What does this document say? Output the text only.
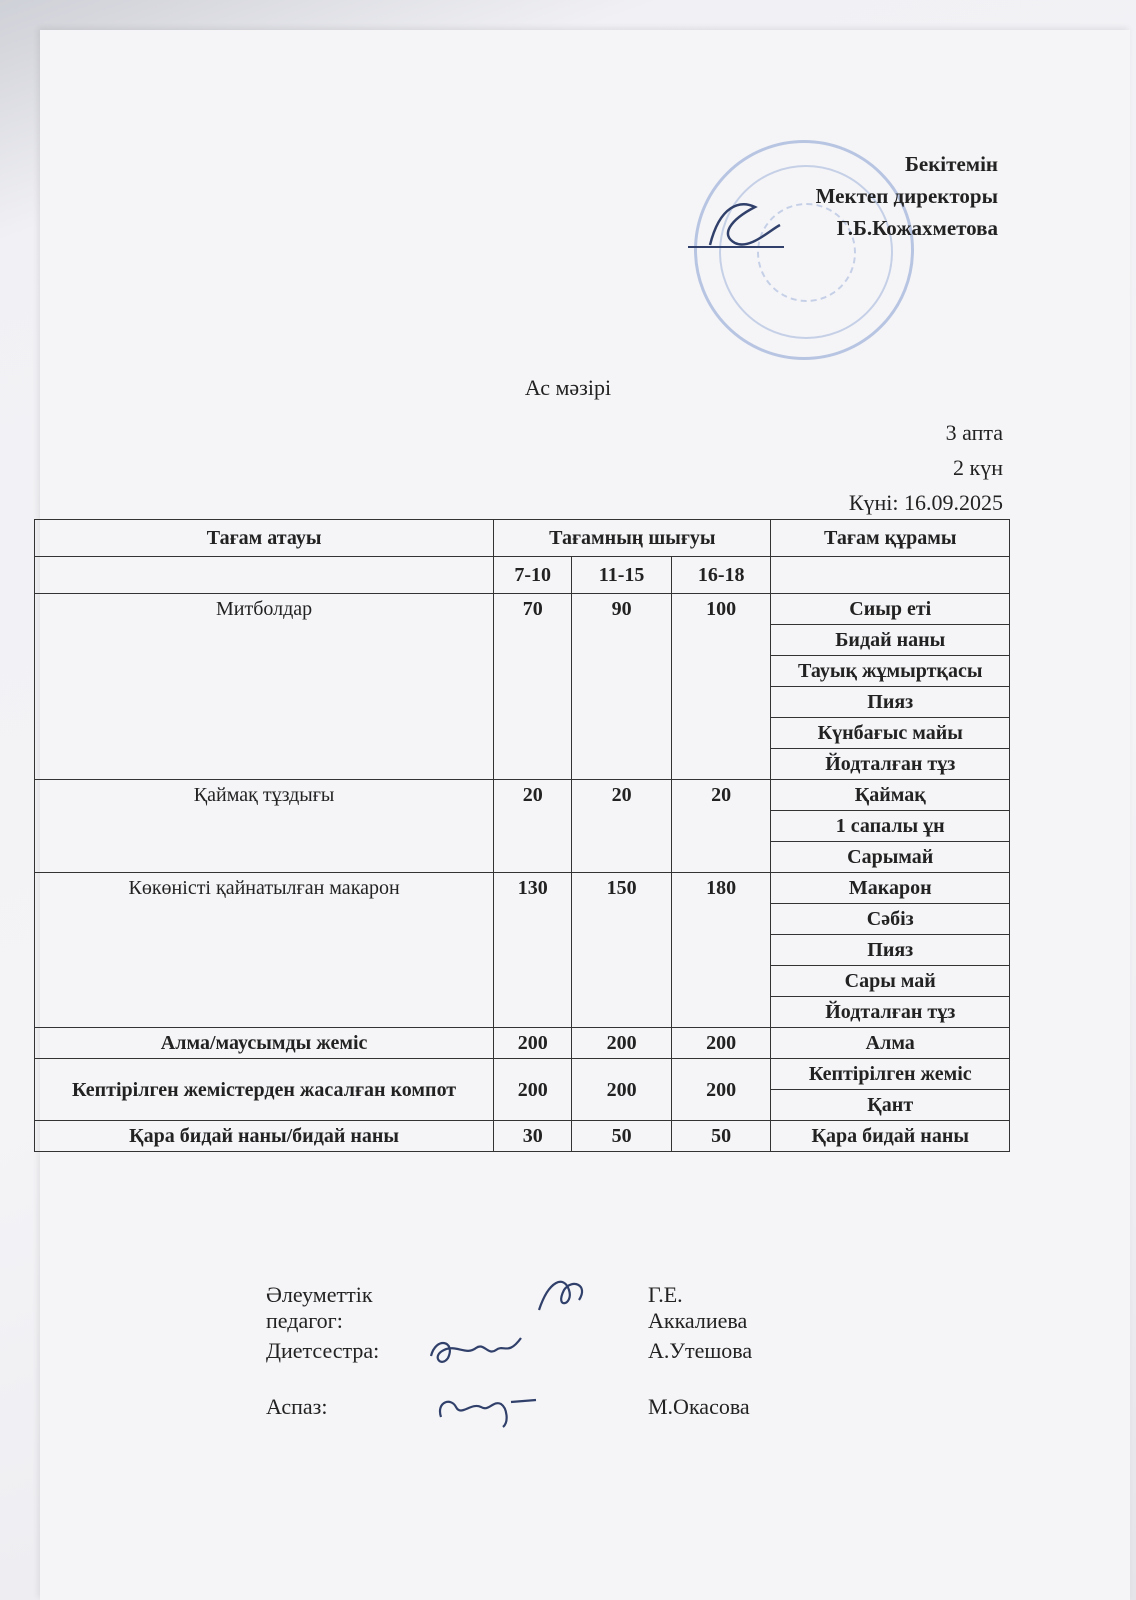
Бекітемін
Мектеп директоры
Г.Б.Кожахметова
Ас мәзірі
3 апта
2 күн
Күні: 16.09.2025
Тағам атауы	Тағамның шығуы			Тағам құрамы
	7-10	11-15	16-18	
Митболдар	70	90	100	Сиыр еті
				Бидай наны
				Тауық жұмыртқасы
				Пияз
				Күнбағыс майы
				Йодталған тұз
Қаймақ тұздығы	20	20	20	Қаймақ
				1 сапалы ұн
				Сарымай
Көкөністі қайнатылған макарон	130	150	180	Макарон
				Сәбіз
				Пияз
				Сары май
				Йодталған тұз
Алма/маусымды жеміс	200	200	200	Алма
Кептірілген жемістерден жасалған компот	200	200	200	Кептірілген жеміс
				Қант
Қара бидай наны/бидай наны	30	50	50	Қара бидай наны
Әлеуметтік педагог:
Г.Е. Аккалиева
Диетсестра:	А.Утешова
Аспаз:	М.Окасова
